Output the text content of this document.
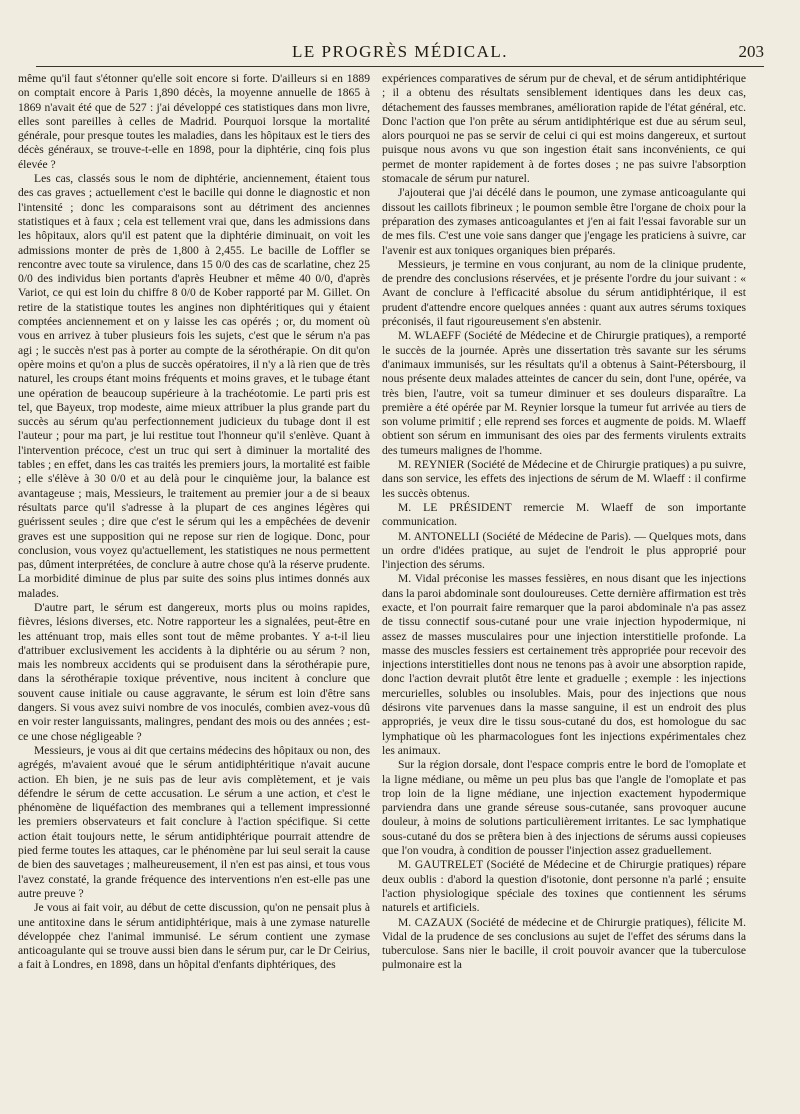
LE PROGRÈS MÉDICAL.	203

même qu'il faut s'étonner qu'elle soit encore si forte. D'ailleurs si en 1889 on comptait encore à Paris 1,890 décès, la moyenne annuelle de 1865 à 1869 n'avait été que de 527 : j'ai développé ces statistiques dans mon livre, elles sont pareilles à celles de Madrid. Pourquoi lorsque la mortalité générale, pour presque toutes les maladies, dans les hôpitaux est le tiers des décès généraux, se trouve-t-elle en 1898, pour la diphtérie, cinq fois plus élevée ?

Les cas, classés sous le nom de diphtérie, anciennement, étaient tous des cas graves ; actuellement c'est le bacille qui donne le diagnostic et non l'intensité ; donc les comparaisons sont au détriment des anciennes statistiques et à faux ; cela est tellement vrai que, dans les admissions dans les hôpitaux, alors qu'il est patent que la diphtérie diminuait, on voit les admissions monter de près de 1,800 à 2,455. Le bacille de Loffler se rencontre avec toute sa virulence, dans 15 0/0 des cas de scarlatine, chez 25 0/0 des individus bien portants d'après Heubner et même 40 0/0, d'après Variot, ce qui est loin du chiffre 8 0/0 de Kober rapporté par M. Gillet. On retire de la statistique toutes les angines non diphtéritiques qui y étaient comptées anciennement et on y laisse les cas opérés ; or, du moment où vous en arrivez à tuber plusieurs fois les sujets, c'est que le sérum n'a pas agi ; le succès n'est pas à porter au compte de la sérothérapie. On dit qu'on opère moins et qu'on a plus de succès opératoires, il n'y a là rien que de très naturel, les croups étant moins fréquents et moins graves, et le tubage étant une opération de beaucoup supérieure à la trachéotomie. Le parti pris est tel, que Bayeux, trop modeste, aime mieux attribuer la plus grande part du succès au sérum qu'au perfectionnement judicieux du tubage dont il est l'auteur ; pour ma part, je lui restitue tout l'honneur qu'il s'enlève. Quant à l'intervention précoce, c'est un truc qui sert à diminuer la mortalité des tables ; en effet, dans les cas traités les premiers jours, la mortalité est faible ; elle s'élève à 30 0/0 et au delà pour le cinquième jour, la balance est avantageuse ; mais, Messieurs, le traitement au premier jour a de si beaux résultats parce qu'il s'adresse à la plupart de ces angines légères qui guérissent seules ; dire que c'est le sérum qui les a empêchées de devenir graves est une supposition qui ne repose sur rien de logique. Donc, pour conclusion, vous voyez qu'actuellement, les statistiques ne nous permettent pas, dûment interprétées, de conclure à autre chose qu'à la réserve prudente. La morbidité diminue de plus par suite des soins plus intimes donnés aux malades.

D'autre part, le sérum est dangereux, morts plus ou moins rapides, fièvres, lésions diverses, etc. Notre rapporteur les a signalées, peut-être en les atténuant trop, mais elles sont tout de même probantes. Y a-t-il lieu d'attribuer exclusivement les accidents à la diphtérie ou au sérum ? non, mais les nombreux accidents qui se produisent dans la sérothérapie pure, dans la sérothérapie toxique préventive, nous incitent à conclure que souvent cause initiale ou cause aggravante, le sérum est loin d'être sans dangers. Si vous avez suivi nombre de vos inoculés, combien avez-vous dû en voir rester languissants, malingres, pendant des mois ou des années ; est-ce une chose négligeable ?

Messieurs, je vous ai dit que certains médecins des hôpitaux ou non, des agrégés, m'avaient avoué que le sérum antidiphtéritique n'avait aucune action. Eh bien, je ne suis pas de leur avis complètement, et je vais défendre le sérum de cette accusation. Le sérum a une action, et c'est le phénomène de liquéfaction des membranes qui a tellement impressionné les premiers observateurs et fait conclure à l'action spécifique. Si cette action était toujours nette, le sérum antidiphtérique pourrait attendre de pied ferme toutes les attaques, car le phénomène par lui seul serait la cause de bien des sauvetages ; malheureusement, il n'en est pas ainsi, et tous vous l'avez constaté, la grande fréquence des interventions n'en est-elle pas une autre preuve ?

Je vous ai fait voir, au début de cette discussion, qu'on ne pensait plus à une antitoxine dans le sérum antidiphtérique, mais à une zymase naturelle développée chez l'animal immunisé. Le sérum contient une zymase anticoagulante qui se trouve aussi bien dans le sérum pur, car le Dr Ceirius, a fait à Londres, en 1898, dans un hôpital d'enfants diphtériques, des

expériences comparatives de sérum pur de cheval, et de sérum antidiphtérique ; il a obtenu des résultats sensiblement identiques dans les deux cas, détachement des fausses membranes, amélioration rapide de l'état général, etc. Donc l'action que l'on prête au sérum antidiphtérique est due au sérum seul, alors pourquoi ne pas se servir de celui ci qui est moins dangereux, et surtout puisque nous avons vu que son ingestion était sans inconvénients, ce qui permet de monter rapidement à de fortes doses ; ne pas suivre l'absorption stomacale de sérum pur naturel.

J'ajouterai que j'ai décélé dans le poumon, une zymase anticoagulante qui dissout les caillots fibrineux ; le poumon semble être l'organe de choix pour la préparation des zymases anticoagulantes et j'en ai fait l'essai favorable sur un de mes fils. C'est une voie sans danger que j'engage les praticiens à suivre, car l'avenir est aux toniques organiques bien préparés.

Messieurs, je termine en vous conjurant, au nom de la clinique prudente, de prendre des conclusions réservées, et je présente l'ordre du jour suivant : « Avant de conclure à l'efficacité absolue du sérum antidiphtérique, il est prudent d'attendre encore quelques années : quant aux autres sérums toxiques préconisés, il faut rigoureusement s'en abstenir.

M. WLAEFF (Société de Médecine et de Chirurgie pratiques), a remporté le succès de la journée. Après une dissertation très savante sur les sérums d'animaux immunisés, sur les résultats qu'il a obtenus à Saint-Pétersbourg, il nous présente deux malades atteintes de cancer du sein, dont l'une, opérée, va très bien, l'autre, voit sa tumeur diminuer et ses douleurs disparaître. La première a été opérée par M. Reynier lorsque la tumeur fut arrivée au tiers de son volume primitif ; elle reprend ses forces et augmente de poids. M. Wlaeff obtient son sérum en immunisant des oies par des ferments virulents extraits des tumeurs malignes de l'homme.

M. REYNIER (Société de Médecine et de Chirurgie pratiques) a pu suivre, dans son service, les effets des injections de sérum de M. Wlaeff : il confirme les succès obtenus.

M. LE PRÉSIDENT remercie M. Wlaeff de son importante communication.

M. ANTONELLI (Société de Médecine de Paris). — Quelques mots, dans un ordre d'idées pratique, au sujet de l'endroit le plus approprié pour l'injection des sérums.

M. Vidal préconise les masses fessières, en nous disant que les injections dans la paroi abdominale sont douloureuses. Cette dernière affirmation est très exacte, et l'on pourrait faire remarquer que la paroi abdominale n'a pas assez de tissu connectif sous-cutané pour une vraie injection hypodermique, ni assez de masses musculaires pour une injection interstitielle profonde. La masse des muscles fessiers est certainement très appropriée pour recevoir des injections interstitielles dont nous ne tenons pas à avoir une absorption rapide, donc l'action devrait plutôt être lente et graduelle ; exemple : les injections mercurielles, solubles ou insolubles. Mais, pour des injections que nous désirons vite parvenues dans la masse sanguine, il est un endroit des plus appropriés, je veux dire le tissu sous-cutané du dos, est homologue du sac lymphatique où les pharmacologues font les injections expérimentales chez les animaux.

Sur la région dorsale, dont l'espace compris entre le bord de l'omoplate et la ligne médiane, ou même un peu plus bas que l'angle de l'omoplate et pas trop loin de la ligne médiane, une injection exactement hypodermique parviendra dans une grande séreuse sous-cutanée, sans provoquer aucune douleur, à moins de solutions particulièrement irritantes. Le sac lymphatique sous-cutané du dos se prêtera bien à des injections de sérums aussi copieuses que l'on voudra, à condition de pousser l'injection assez graduellement.

M. GAUTRELET (Société de Médecine et de Chirurgie pratiques) répare deux oublis : d'abord la question d'isotonie, dont personne n'a parlé ; ensuite l'action physiologique spéciale des toxines que contiennent les sérums naturels et artificiels.

M. CAZAUX (Société de médecine et de Chirurgie pratiques), félicite M. Vidal de la prudence de ses conclusions au sujet de l'effet des sérums dans la tuberculose. Sans nier le bacille, il croit pouvoir avancer que la tuberculose pulmonaire est la
